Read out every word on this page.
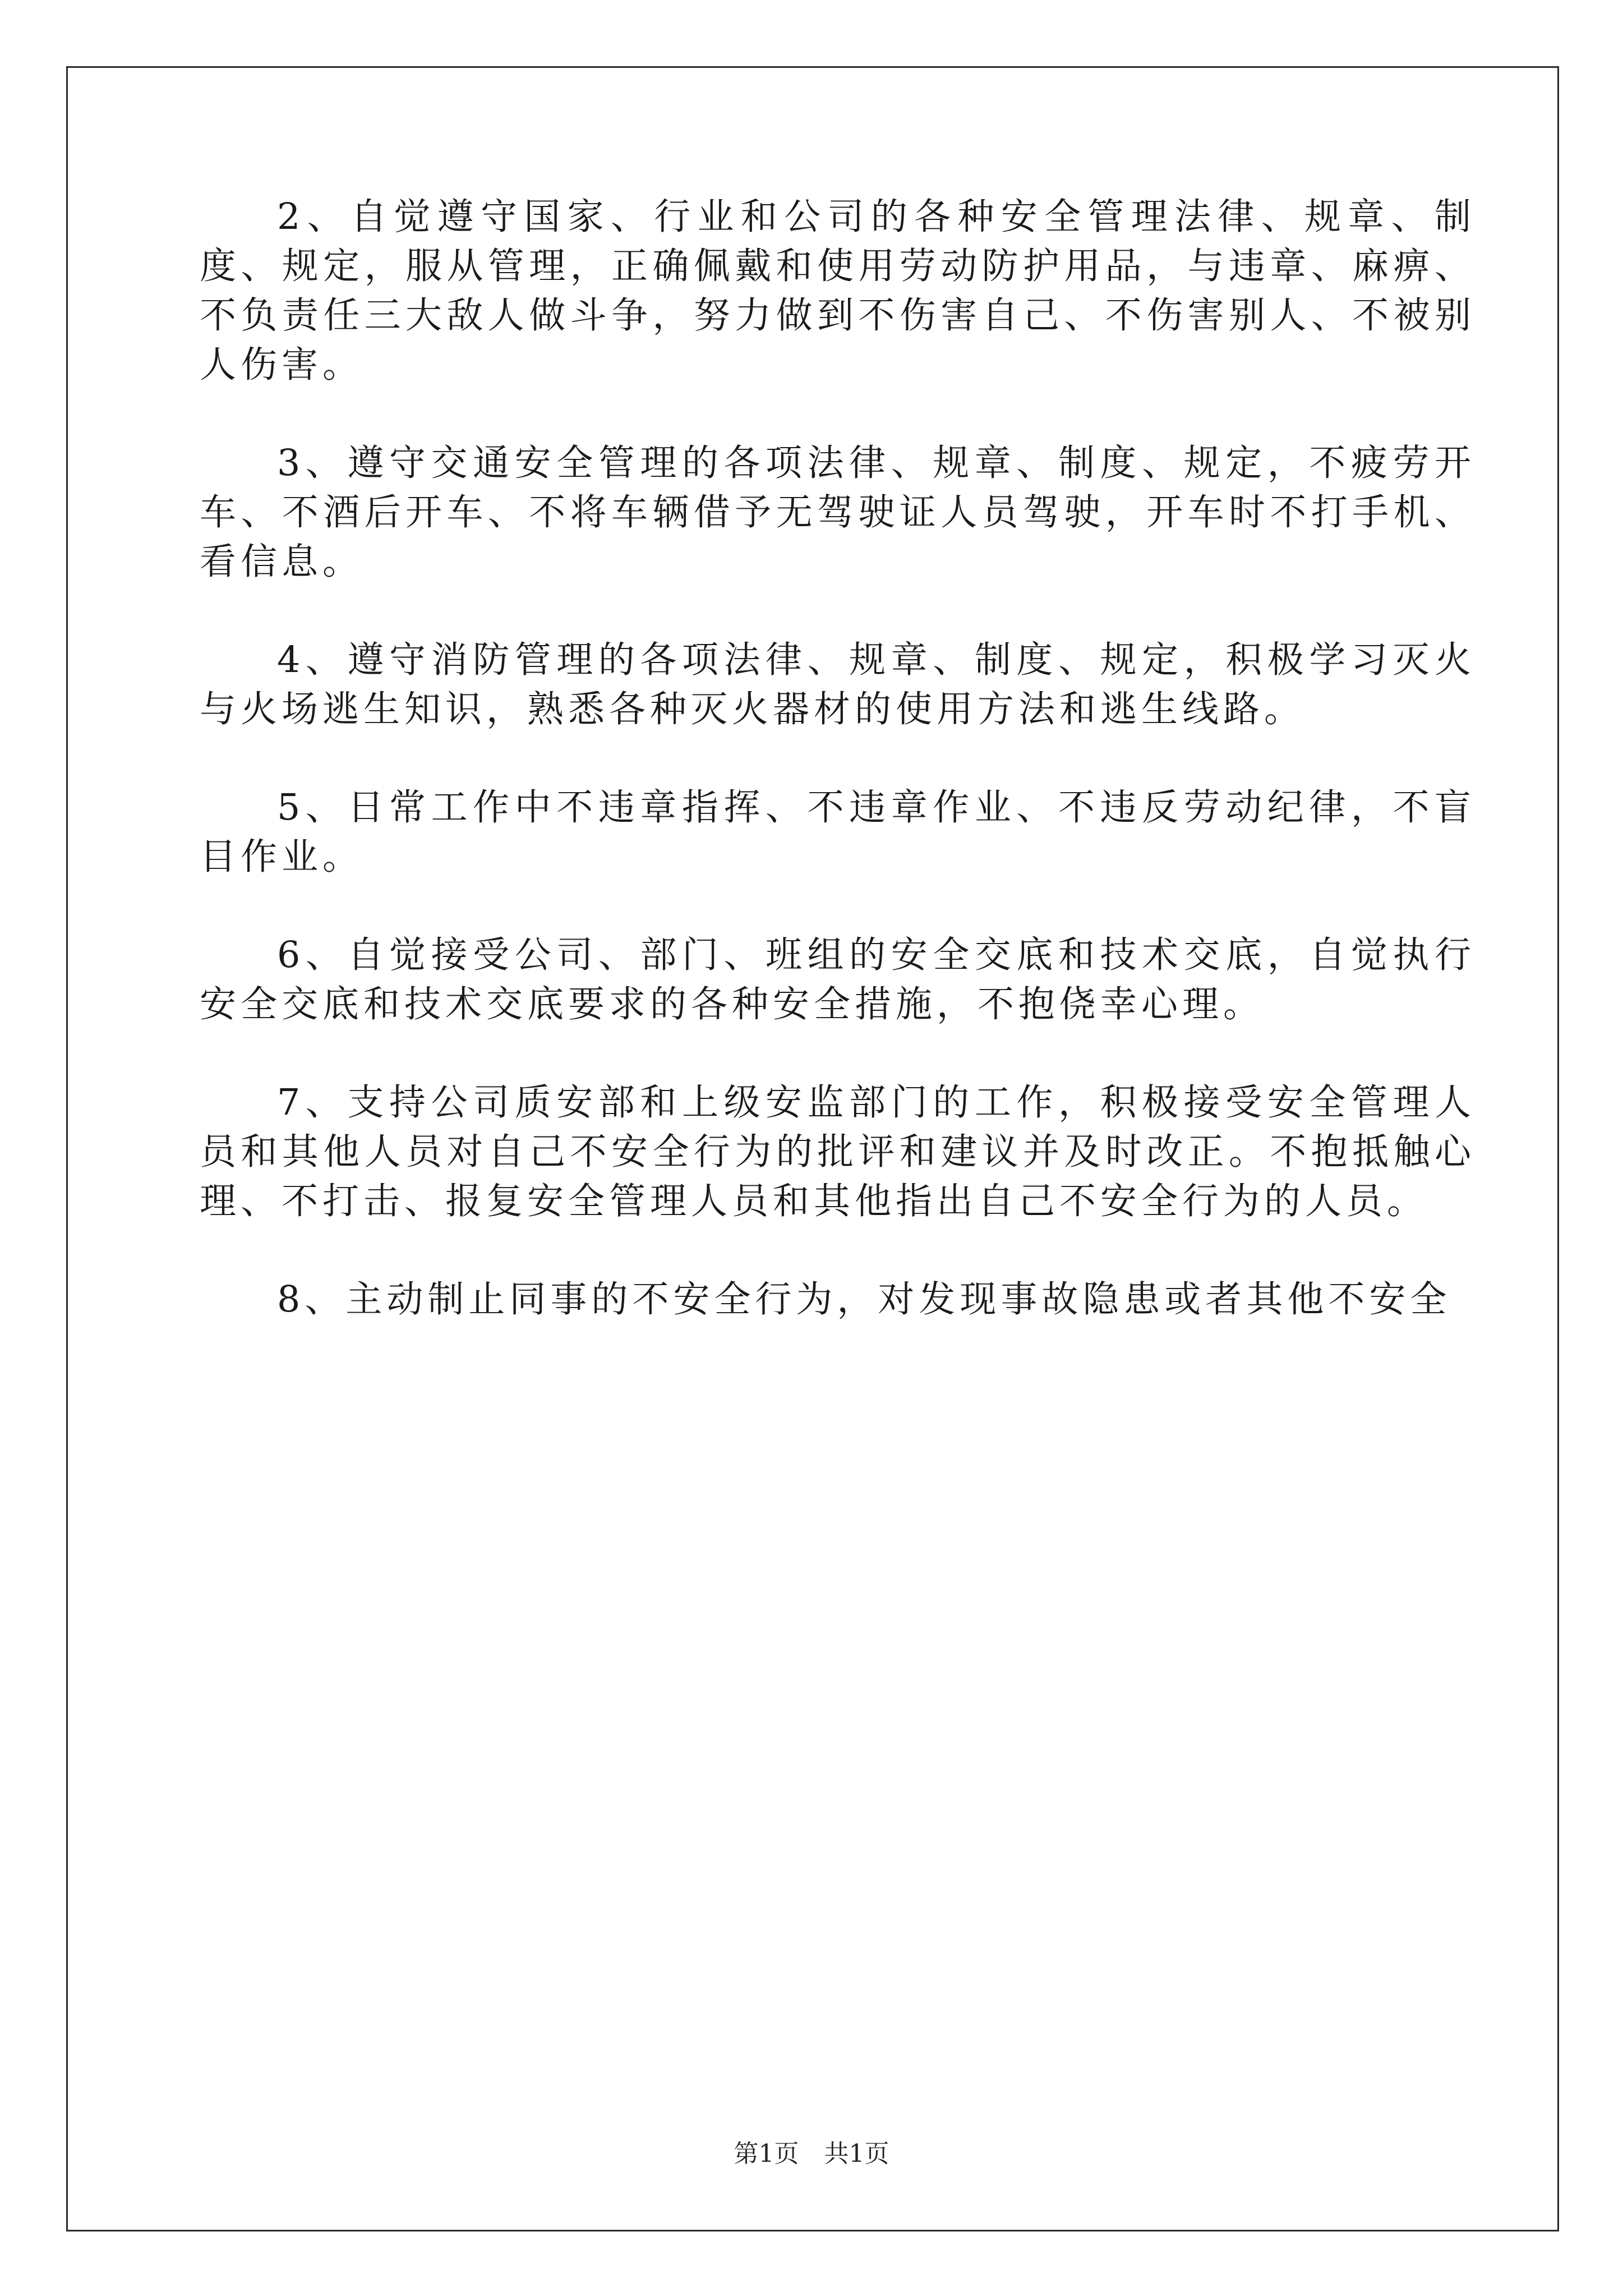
2、自觉遵守国家、行业和公司的各种安全管理法律、规章、制度、规定，服从管理，正确佩戴和使用劳动防护用品，与违章、麻痹、不负责任三大敌人做斗争，努力做到不伤害自己、不伤害别人、不被别人伤害。

3、遵守交通安全管理的各项法律、规章、制度、规定，不疲劳开车、不酒后开车、不将车辆借予无驾驶证人员驾驶，开车时不打手机、看信息。

4、遵守消防管理的各项法律、规章、制度、规定，积极学习灭火与火场逃生知识，熟悉各种灭火器材的使用方法和逃生线路。

5、日常工作中不违章指挥、不违章作业、不违反劳动纪律，不盲目作业。

6、自觉接受公司、部门、班组的安全交底和技术交底，自觉执行安全交底和技术交底要求的各种安全措施，不抱侥幸心理。

7、支持公司质安部和上级安监部门的工作，积极接受安全管理人员和其他人员对自己不安全行为的批评和建议并及时改正。不抱抵触心理、不打击、报复安全管理人员和其他指出自己不安全行为的人员。

8、主动制止同事的不安全行为，对发现事故隐患或者其他不安全

第1页 共1页
